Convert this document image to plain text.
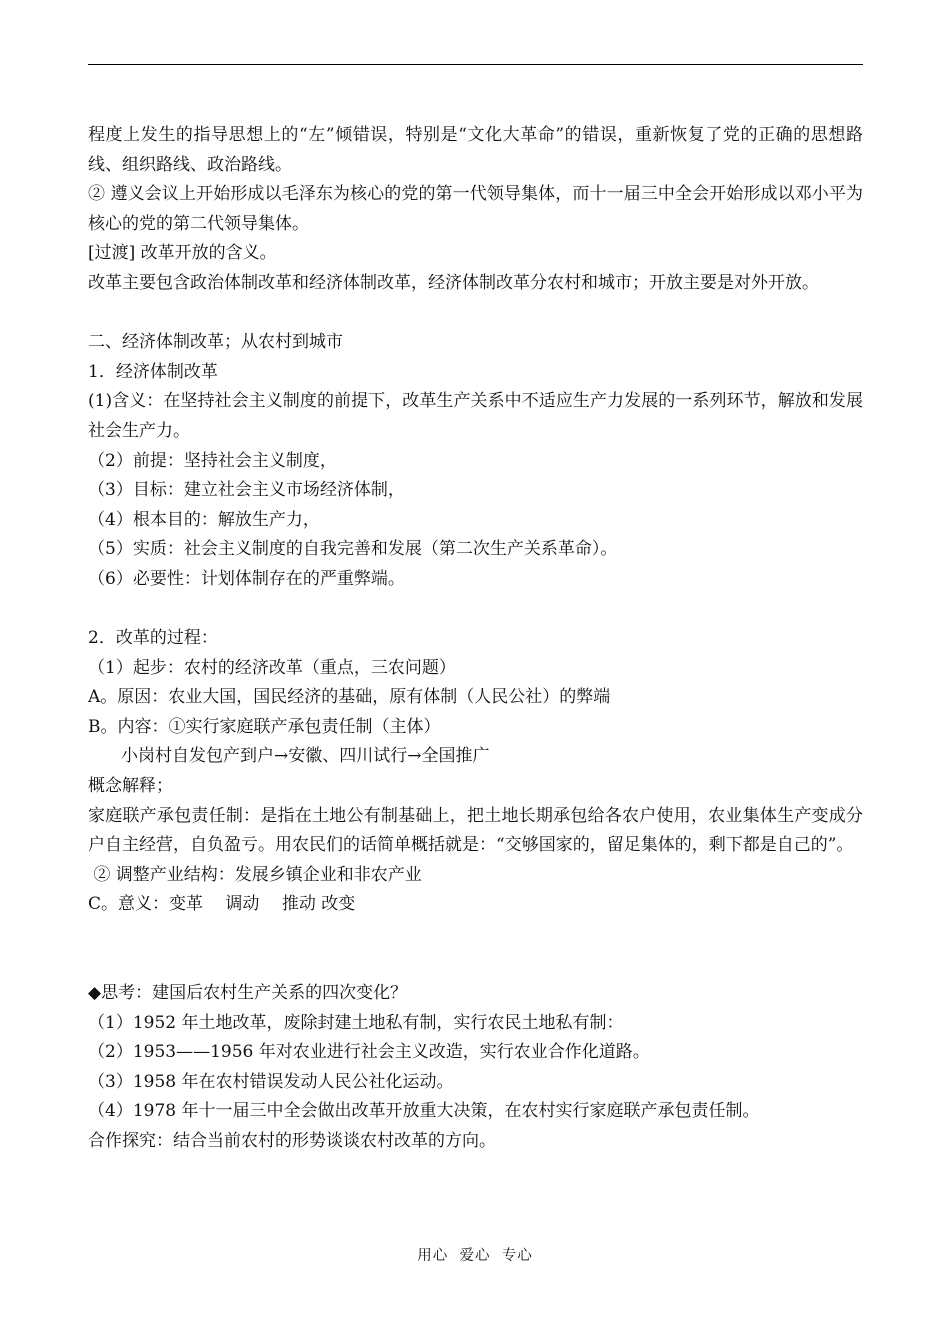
程度上发生的指导思想上的“左”倾错误，特别是“文化大革命”的错误，重新恢复了党的正确的思想路线、组织路线、政治路线。
② 遵义会议上开始形成以毛泽东为核心的党的第一代领导集体，而十一届三中全会开始形成以邓小平为核心的党的第二代领导集体。
[过渡] 改革开放的含义。
改革主要包含政治体制改革和经济体制改革，经济体制改革分农村和城市；开放主要是对外开放。
二、经济体制改革；从农村到城市
1．经济体制改革
(1)含义：在坚持社会主义制度的前提下，改革生产关系中不适应生产力发展的一系列环节，解放和发展社会生产力。
（2）前提：坚持社会主义制度，
（3）目标：建立社会主义市场经济体制，
（4）根本目的：解放生产力，
（5）实质：社会主义制度的自我完善和发展（第二次生产关系革命）。
（6）必要性：计划体制存在的严重弊端。
2．改革的过程：
（1）起步：农村的经济改革（重点，三农问题）
A。原因：农业大国，国民经济的基础，原有体制（人民公社）的弊端
B。内容：①实行家庭联产承包责任制（主体）
小岗村自发包产到户→安徽、四川试行→全国推广
概念解释；
家庭联产承包责任制：是指在土地公有制基础上，把土地长期承包给各农户使用，农业集体生产变成分户自主经营，自负盈亏。用农民们的话简单概括就是：“交够国家的，留足集体的，剩下都是自己的”。
② 调整产业结构：发展乡镇企业和非农产业
C。意义：变革　 调动　 推动 改变
◆思考：建国后农村生产关系的四次变化？
（1）1952 年土地改革，废除封建土地私有制，实行农民土地私有制：
（2）1953——1956 年对农业进行社会主义改造，实行农业合作化道路。
（3）1958 年在农村错误发动人民公社化运动。
（4）1978 年十一届三中全会做出改革开放重大决策，在农村实行家庭联产承包责任制。
合作探究：结合当前农村的形势谈谈农村改革的方向。
用心  爱心  专心
